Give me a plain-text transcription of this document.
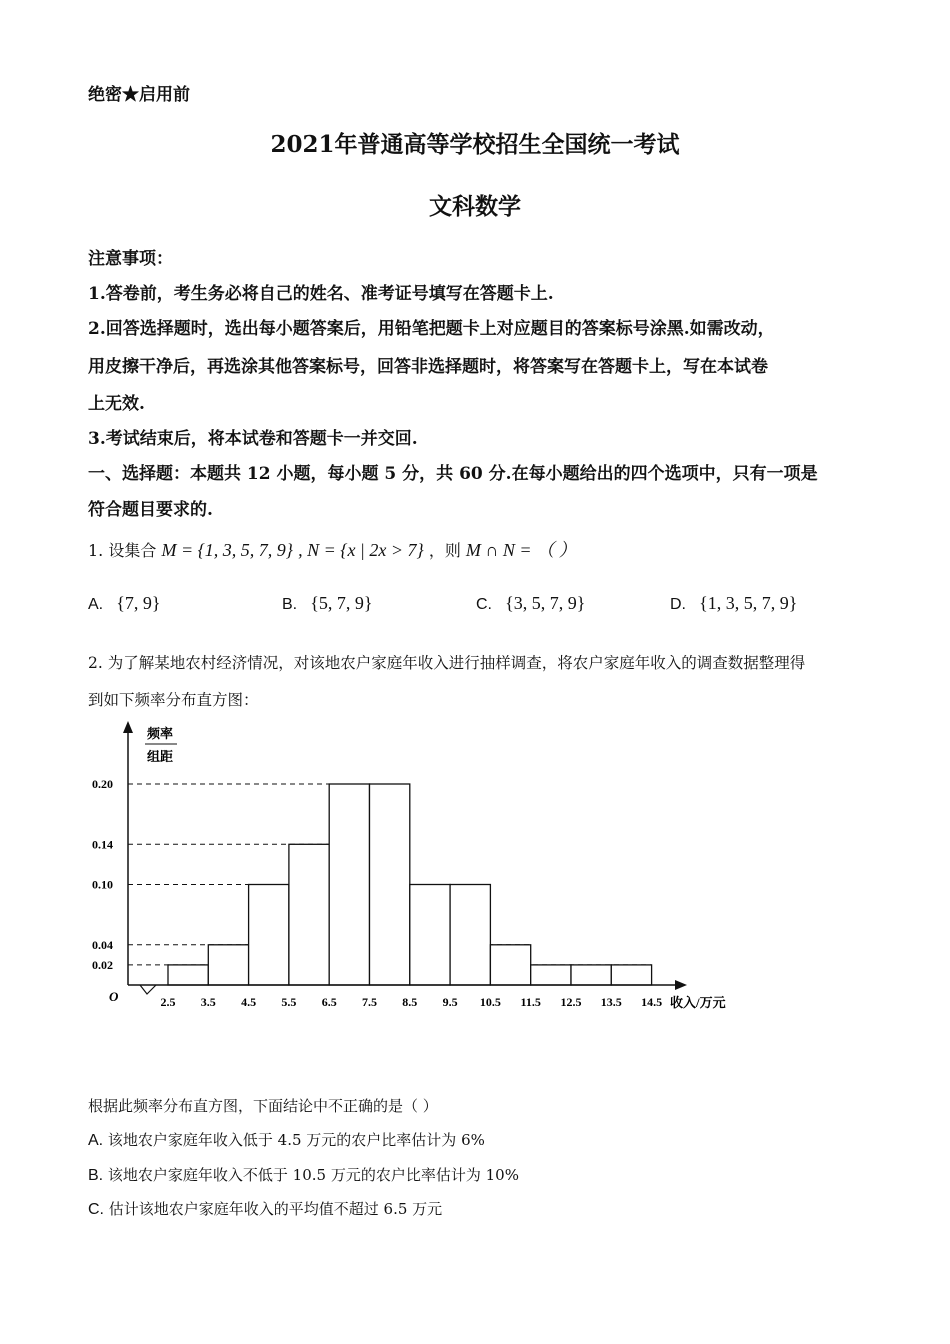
绝密★启用前
2021年普通高等学校招生全国统一考试
文科数学
注意事项：
1.答卷前，考生务必将自己的姓名、准考证号填写在答题卡上.
2.回答选择题时，选出每小题答案后，用铅笔把题卡上对应题目的答案标号涂黑.如需改动，
用皮擦干净后，再选涂其他答案标号，回答非选择题时，将答案写在答题卡上，写在本试卷
上无效.
3.考试结束后，将本试卷和答题卡一并交回.
一、选择题：本题共 12 小题，每小题 5 分，共 60 分.在每小题给出的四个选项中，只有一项是
符合题目要求的.
1. 设集合 M = {1, 3, 5, 7, 9} , N = {x | 2x > 7} ，则 M ∩ N = （ ）
A. {7, 9}	B. {5, 7, 9}	C. {3, 5, 7, 9}	D. {1, 3, 5, 7, 9}
2. 为了解某地农村经济情况，对该地农户家庭年收入进行抽样调查，将农户家庭年收入的调查数据整理得
到如下频率分布直方图：
0.02
0.04
0.10
0.14
0.20
2.5 3.5 4.5 5.5 6.5 7.5 8.5 9.5 10.5 11.5 12.5 13.5 14.5
频率
组距
O	收入/万元
根据此频率分布直方图，下面结论中不正确的是（ ）
A. 该地农户家庭年收入低于 4.5 万元的农户比率估计为 6%
B. 该地农户家庭年收入不低于 10.5 万元的农户比率估计为 10%
C. 估计该地农户家庭年收入的平均值不超过 6.5 万元
